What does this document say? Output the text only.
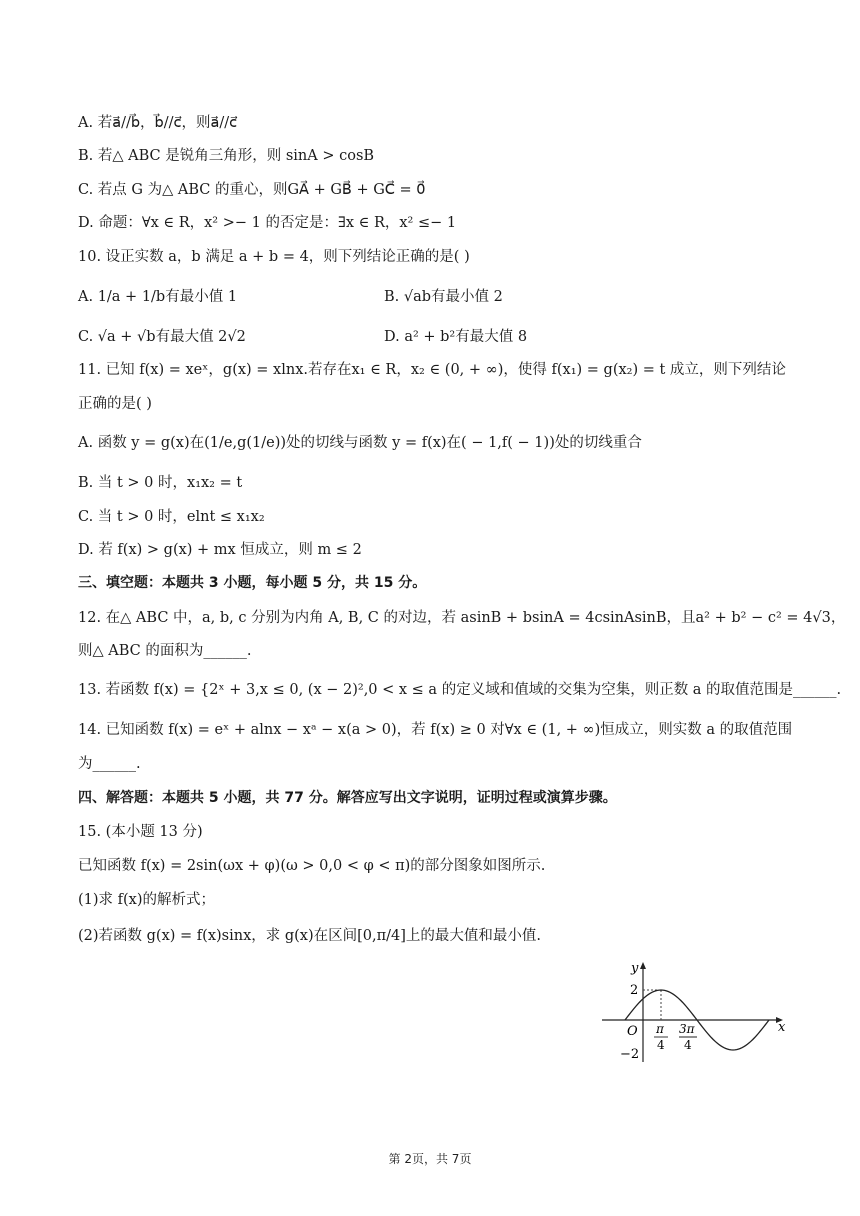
A. 若a⃗//b⃗，b⃗//c⃗，则a⃗//c⃗
B. 若△ ABC 是锐角三角形，则 sinA > cosB
C. 若点 G 为△ ABC 的重心，则GA⃗ + GB⃗ + GC⃗ = 0⃗
D. 命题：∀x ∈ R，x² >− 1 的否定是：∃x ∈ R，x² ≤− 1
10. 设正实数 a，b 满足 a + b = 4，则下列结论正确的是( )
A. 1/a + 1/b有最小值 1	B. √ab有最小值 2
C. √a + √b有最大值 2√2	D. a² + b²有最大值 8
11. 已知 f(x) = xeˣ，g(x) = xlnx.若存在x₁ ∈ R，x₂ ∈ (0, + ∞)，使得 f(x₁) = g(x₂) = t 成立，则下列结论
正确的是( )
A. 函数 y = g(x)在(1/e,g(1/e))处的切线与函数 y = f(x)在( − 1,f( − 1))处的切线重合
B. 当 t > 0 时，x₁x₂ = t
C. 当 t > 0 时，elnt ≤ x₁x₂
D. 若 f(x) > g(x) + mx 恒成立，则 m ≤ 2
三、填空题：本题共 3 小题，每小题 5 分，共 15 分。
12. 在△ ABC 中，a, b, c 分别为内角 A, B, C 的对边，若 asinB + bsinA = 4csinAsinB，且a² + b² − c² = 4√3，
则△ ABC 的面积为______.
13. 若函数 f(x) = {2ˣ + 3,x ≤ 0, (x − 2)²,0 < x ≤ a 的定义域和值域的交集为空集，则正数 a 的取值范围是______.
14. 已知函数 f(x) = eˣ + alnx − xᵃ − x(a > 0)，若 f(x) ≥ 0 对∀x ∈ (1, + ∞)恒成立，则实数 a 的取值范围
为______.
四、解答题：本题共 5 小题，共 77 分。解答应写出文字说明，证明过程或演算步骤。
15. (本小题 13 分)
已知函数 f(x) = 2sin(ωx + φ)(ω > 0,0 < φ < π)的部分图象如图所示.
(1)求 f(x)的解析式；
(2)若函数 g(x) = f(x)sinx，求 g(x)在区间[0,π/4]上的最大值和最小值.
y
x
O
2
−2
π
4
3π
4
第 2页，共 7页
